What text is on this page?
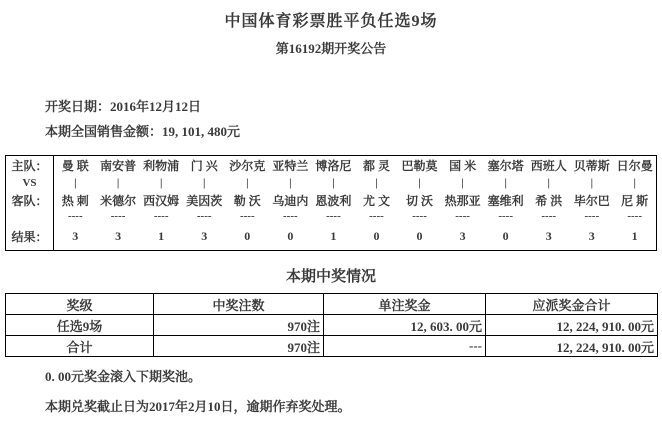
中国体育彩票胜平负任选9场
第16192期开奖公告
开奖日期：2016年12月12日
本期全国销售金额：19, 101, 480元
主队：	曼 联	南安普	利物浦	门 兴	沙尔克	亚特兰	博洛尼	都 灵	巴勒莫	国 米	塞尔塔	西班人	贝蒂斯	日尔曼
VS	|	|	|	|	|	|	|	|	|	|	|	|	|	|
客队：	热 刺	米德尔	西汉姆	美因茨	勒 沃	乌迪内	恩波利	尤 文	切 沃	热那亚	塞维利	希 洪	毕尔巴	尼 斯
	----	----	----	----	----	----	----	----	----	----	----	----	----	----
结果：	3	3	1	3	0	0	1	0	0	3	0	3	3	1
本期中奖情况
奖级	中奖注数	单注奖金	应派奖金合计
任选9场	970注	12, 603. 00元	12, 224, 910. 00元
合计	970注	---	12, 224, 910. 00元
0. 00元奖金滚入下期奖池。
本期兑奖截止日为2017年2月10日，逾期作弃奖处理。
